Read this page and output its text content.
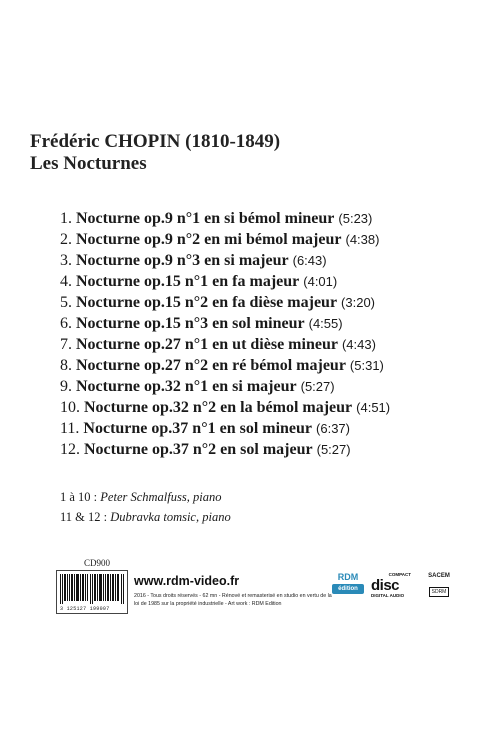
Frédéric CHOPIN (1810-1849)
Les Nocturnes
1. Nocturne op.9 n°1 en si bémol mineur (5:23)
2. Nocturne op.9 n°2 en mi bémol majeur (4:38)
3. Nocturne op.9 n°3 en si majeur (6:43)
4. Nocturne op.15 n°1 en fa majeur (4:01)
5. Nocturne op.15 n°2 en fa dièse majeur (3:20)
6. Nocturne op.15 n°3 en sol mineur (4:55)
7. Nocturne op.27 n°1 en ut dièse mineur (4:43)
8. Nocturne op.27 n°2 en ré bémol majeur (5:31)
9. Nocturne op.32 n°1 en si majeur (5:27)
10. Nocturne op.32 n°2 en la bémol majeur (4:51)
11. Nocturne op.37 n°1 en sol mineur (6:37)
12. Nocturne op.37 n°2 en sol majeur (5:27)
1 à 10 : Peter Schmalfuss, piano
11 & 12 : Dubravka tomsic, piano
CD900
3 125127 199007
www.rdm-video.fr
2016 - Tous droits réservés - 62 mn - Rénové et remasterisé en studio en vertu de la loi de 1985 sur la propriété industrielle - Art work : RDM Edition
RDM
édition
COMPACT
disc
DIGITAL AUDIO
SACEM
SDRM
